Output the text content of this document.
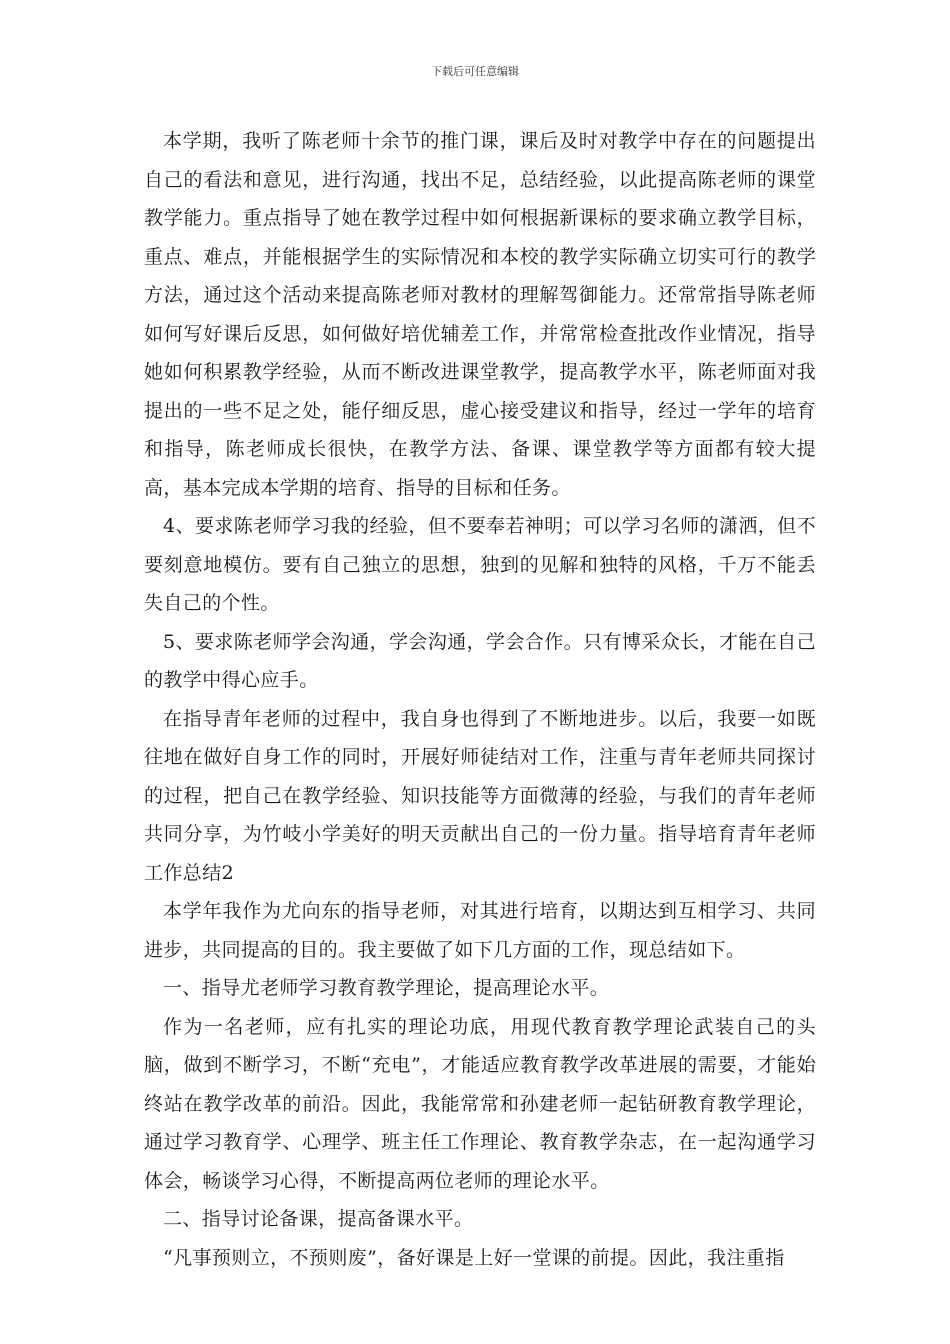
下载后可任意编辑

本学期，我听了陈老师十余节的推门课，课后及时对教学中存在的问题提出自己的看法和意见，进行沟通，找出不足，总结经验，以此提高陈老师的课堂教学能力。重点指导了她在教学过程中如何根据新课标的要求确立教学目标，重点、难点，并能根据学生的实际情况和本校的教学实际确立切实可行的教学方法，通过这个活动来提高陈老师对教材的理解驾御能力。还常常指导陈老师如何写好课后反思，如何做好培优辅差工作，并常常检查批改作业情况，指导她如何积累教学经验，从而不断改进课堂教学，提高教学水平，陈老师面对我提出的一些不足之处，能仔细反思，虚心接受建议和指导，经过一学年的培育和指导，陈老师成长很快，在教学方法、备课、课堂教学等方面都有较大提高，基本完成本学期的培育、指导的目标和任务。

4、要求陈老师学习我的经验，但不要奉若神明；可以学习名师的潇洒，但不要刻意地模仿。要有自己独立的思想，独到的见解和独特的风格，千万不能丢失自己的个性。

5、要求陈老师学会沟通，学会沟通，学会合作。只有博采众长，才能在自己的教学中得心应手。

在指导青年老师的过程中，我自身也得到了不断地进步。以后，我要一如既往地在做好自身工作的同时，开展好师徒结对工作，注重与青年老师共同探讨的过程，把自己在教学经验、知识技能等方面微薄的经验，与我们的青年老师共同分享，为竹岐小学美好的明天贡献出自己的一份力量。指导培育青年老师工作总结2

本学年我作为尤向东的指导老师，对其进行培育，以期达到互相学习、共同进步，共同提高的目的。我主要做了如下几方面的工作，现总结如下。

一、指导尤老师学习教育教学理论，提高理论水平。

作为一名老师，应有扎实的理论功底，用现代教育教学理论武装自己的头脑，做到不断学习，不断“充电”，才能适应教育教学改革进展的需要，才能始终站在教学改革的前沿。因此，我能常常和孙建老师一起钻研教育教学理论，通过学习教育学、心理学、班主任工作理论、教育教学杂志，在一起沟通学习体会，畅谈学习心得，不断提高两位老师的理论水平。

二、指导讨论备课，提高备课水平。

“凡事预则立，不预则废”，备好课是上好一堂课的前提。因此，我注重指
